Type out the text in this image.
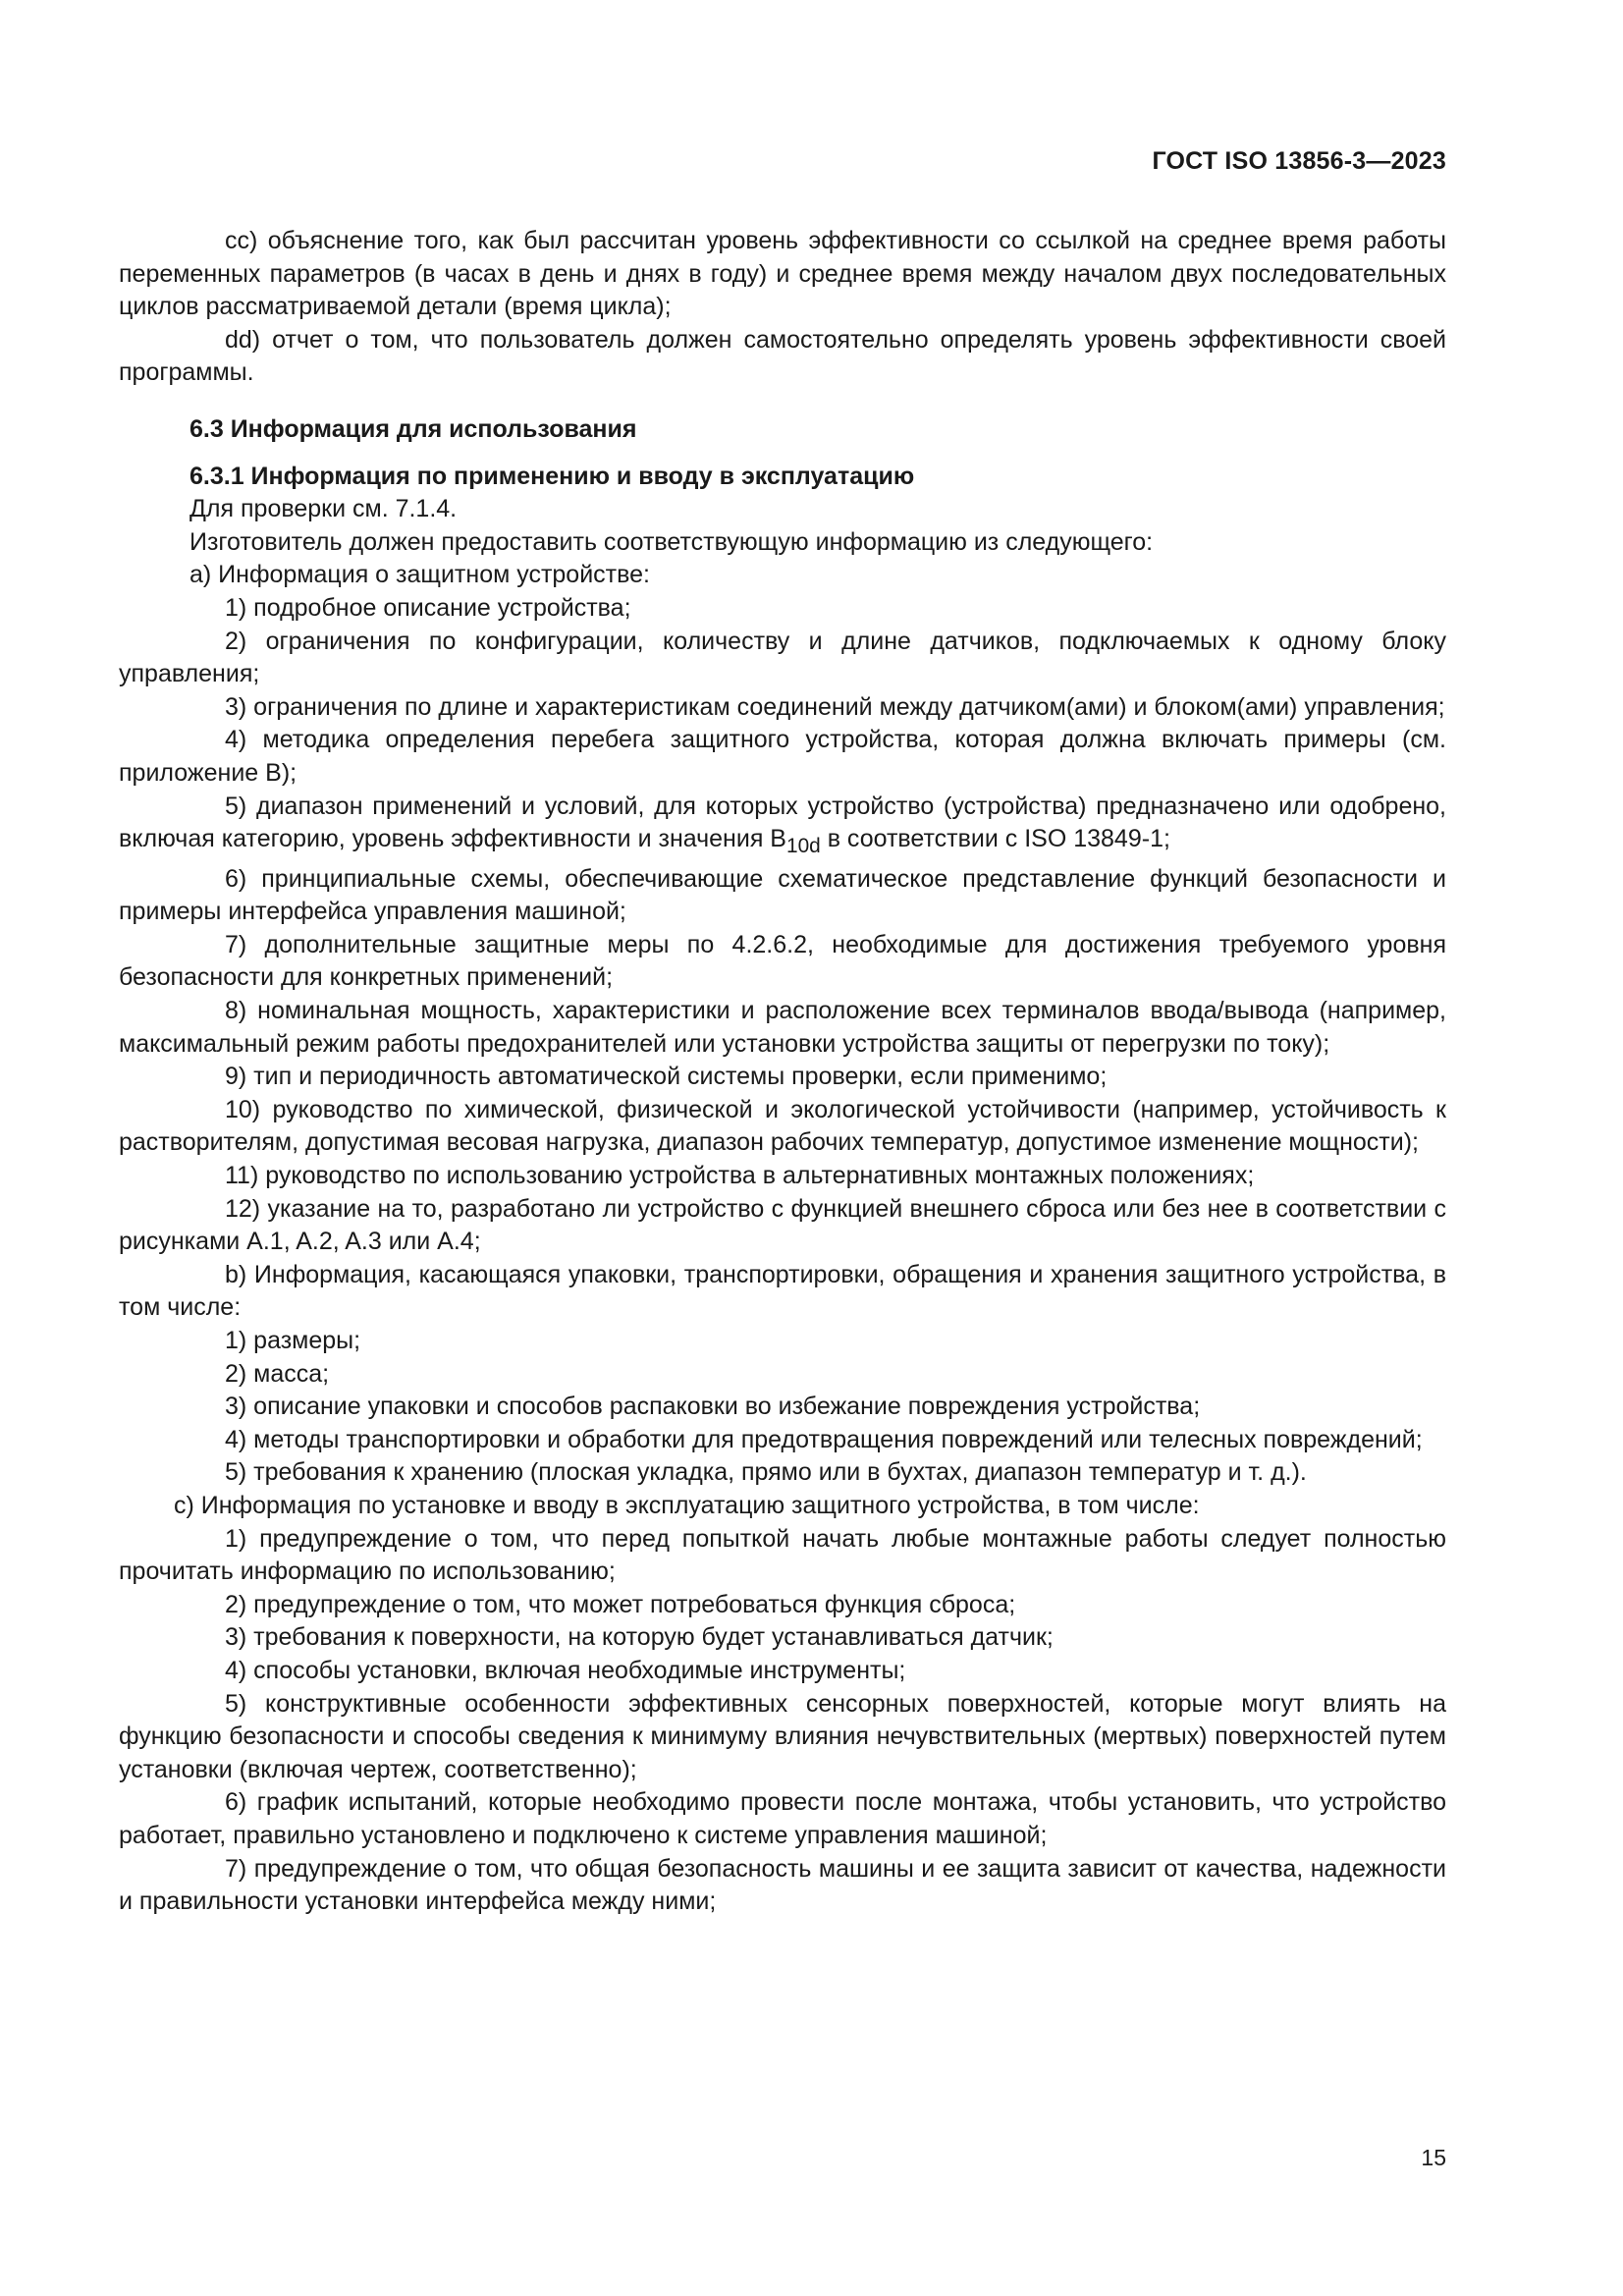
ГОСТ ISO 13856-3—2023

cc) объяснение того, как был рассчитан уровень эффективности со ссылкой на среднее время работы переменных параметров (в часах в день и днях в году) и среднее время между началом двух последовательных циклов рассматриваемой детали (время цикла);

dd) отчет о том, что пользователь должен самостоятельно определять уровень эффективности своей программы.

6.3 Информация для использования

6.3.1 Информация по применению и вводу в эксплуатацию

Для проверки см. 7.1.4.

Изготовитель должен предоставить соответствующую информацию из следующего:

a) Информация о защитном устройстве:

1) подробное описание устройства;

2) ограничения по конфигурации, количеству и длине датчиков, подключаемых к одному блоку управления;

3) ограничения по длине и характеристикам соединений между датчиком(ами) и блоком(ами) управления;

4) методика определения перебега защитного устройства, которая должна включать примеры (см. приложение B);

5) диапазон применений и условий, для которых устройство (устройства) предназначено или одобрено, включая категорию, уровень эффективности и значения $B_{10d}$ в соответствии с ISO 13849-1;

6) принципиальные схемы, обеспечивающие схематическое представление функций безопасности и примеры интерфейса управления машиной;

7) дополнительные защитные меры по 4.2.6.2, необходимые для достижения требуемого уровня безопасности для конкретных применений;

8) номинальная мощность, характеристики и расположение всех терминалов ввода/вывода (например, максимальный режим работы предохранителей или установки устройства защиты от перегрузки по току);

9) тип и периодичность автоматической системы проверки, если применимо;

10) руководство по химической, физической и экологической устойчивости (например, устойчивость к растворителям, допустимая весовая нагрузка, диапазон рабочих температур, допустимое изменение мощности);

11) руководство по использованию устройства в альтернативных монтажных положениях;

12) указание на то, разработано ли устройство с функцией внешнего сброса или без нее в соответствии с рисунками A.1, A.2, A.3 или A.4;

b) Информация, касающаяся упаковки, транспортировки, обращения и хранения защитного устройства, в том числе:

1) размеры;

2) масса;

3) описание упаковки и способов распаковки во избежание повреждения устройства;

4) методы транспортировки и обработки для предотвращения повреждений или телесных повреждений;

5) требования к хранению (плоская укладка, прямо или в бухтах, диапазон температур и т. д.).

c) Информация по установке и вводу в эксплуатацию защитного устройства, в том числе:

1) предупреждение о том, что перед попыткой начать любые монтажные работы следует полностью прочитать информацию по использованию;

2) предупреждение о том, что может потребоваться функция сброса;

3) требования к поверхности, на которую будет устанавливаться датчик;

4) способы установки, включая необходимые инструменты;

5) конструктивные особенности эффективных сенсорных поверхностей, которые могут влиять на функцию безопасности и способы сведения к минимуму влияния нечувствительных (мертвых) поверхностей путем установки (включая чертеж, соответственно);

6) график испытаний, которые необходимо провести после монтажа, чтобы установить, что устройство работает, правильно установлено и подключено к системе управления машиной;

7) предупреждение о том, что общая безопасность машины и ее защита зависит от качества, надежности и правильности установки интерфейса между ними;

15
